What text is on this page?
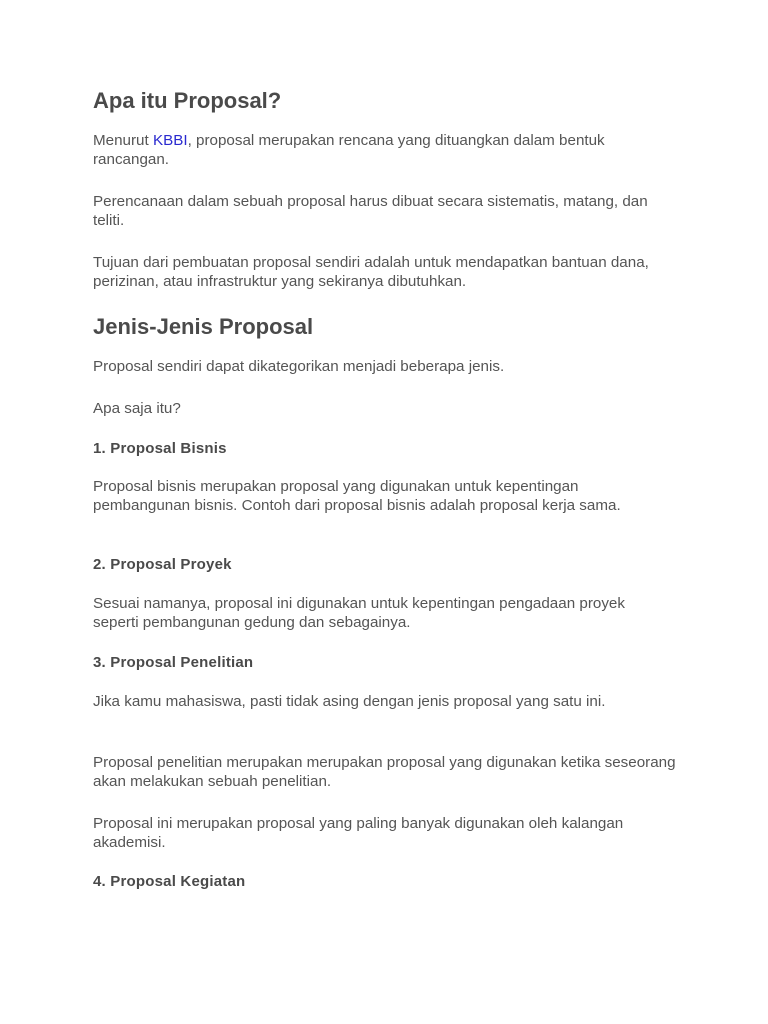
Apa itu Proposal?

Menurut KBBI, proposal merupakan rencana yang dituangkan dalam bentuk rancangan.

Perencanaan dalam sebuah proposal harus dibuat secara sistematis, matang, dan teliti.

Tujuan dari pembuatan proposal sendiri adalah untuk mendapatkan bantuan dana, perizinan, atau infrastruktur yang sekiranya dibutuhkan.

Jenis-Jenis Proposal

Proposal sendiri dapat dikategorikan menjadi beberapa jenis.

Apa saja itu?

1. Proposal Bisnis

Proposal bisnis merupakan proposal yang digunakan untuk kepentingan pembangunan bisnis. Contoh dari proposal bisnis adalah proposal kerja sama.

2. Proposal Proyek

Sesuai namanya, proposal ini digunakan untuk kepentingan pengadaan proyek seperti pembangunan gedung dan sebagainya.

3. Proposal Penelitian

Jika kamu mahasiswa, pasti tidak asing dengan jenis proposal yang satu ini.

Proposal penelitian merupakan merupakan proposal yang digunakan ketika seseorang akan melakukan sebuah penelitian.

Proposal ini merupakan proposal yang paling banyak digunakan oleh kalangan akademisi.

4. Proposal Kegiatan
